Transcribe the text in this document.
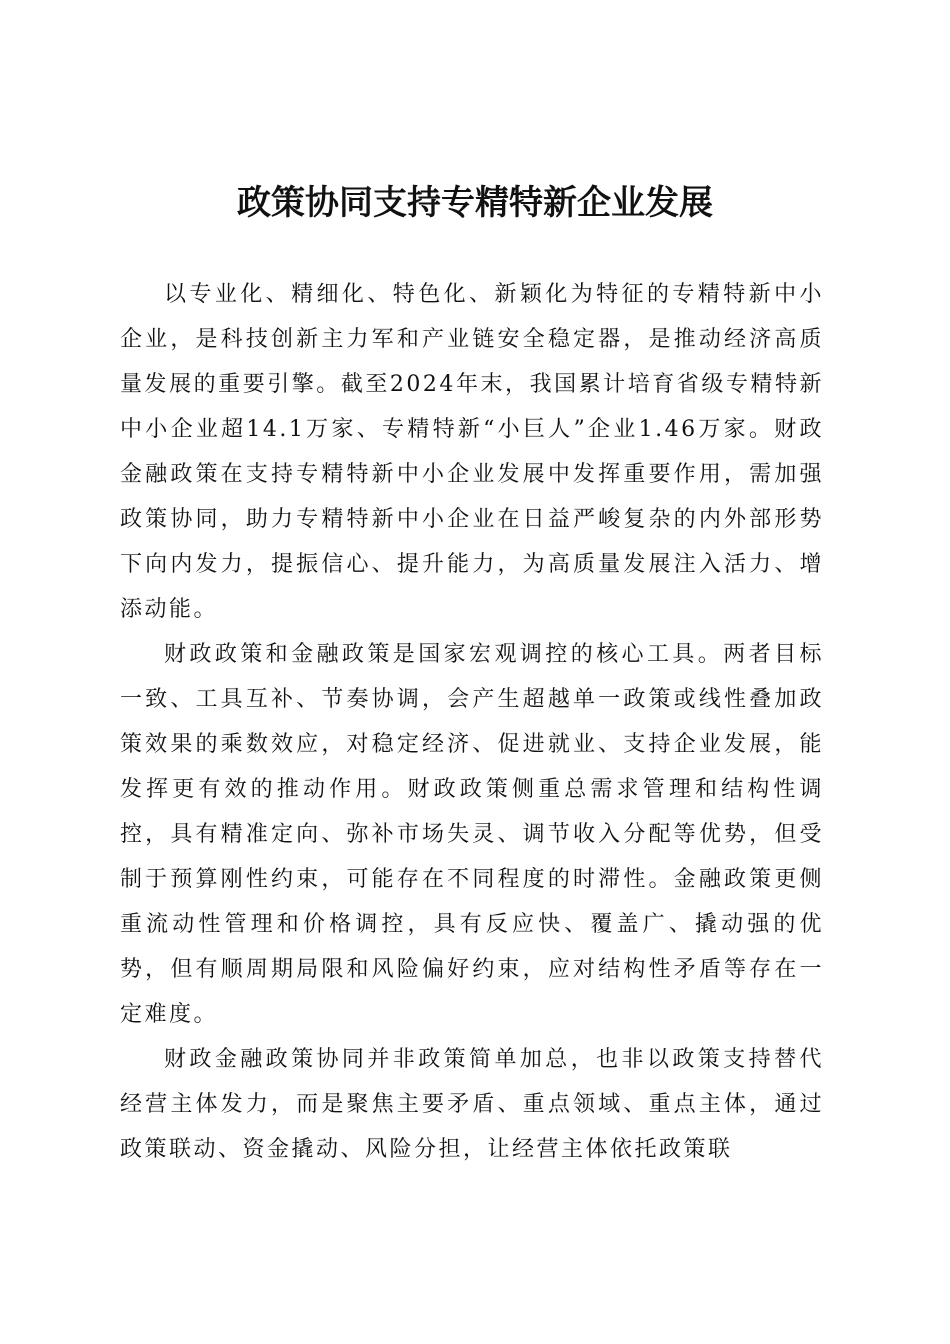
政策协同支持专精特新企业发展

以专业化、精细化、特色化、新颖化为特征的专精特新中小企业，是科技创新主力军和产业链安全稳定器，是推动经济高质量发展的重要引擎。截至2024年末，我国累计培育省级专精特新中小企业超14.1万家、专精特新“小巨人”企业1.46万家。财政金融政策在支持专精特新中小企业发展中发挥重要作用，需加强政策协同，助力专精特新中小企业在日益严峻复杂的内外部形势下向内发力，提振信心、提升能力，为高质量发展注入活力、增添动能。

财政政策和金融政策是国家宏观调控的核心工具。两者目标一致、工具互补、节奏协调，会产生超越单一政策或线性叠加政策效果的乘数效应，对稳定经济、促进就业、支持企业发展，能发挥更有效的推动作用。财政政策侧重总需求管理和结构性调控，具有精准定向、弥补市场失灵、调节收入分配等优势，但受制于预算刚性约束，可能存在不同程度的时滞性。金融政策更侧重流动性管理和价格调控，具有反应快、覆盖广、撬动强的优势，但有顺周期局限和风险偏好约束，应对结构性矛盾等存在一定难度。

财政金融政策协同并非政策简单加总，也非以政策支持替代经营主体发力，而是聚焦主要矛盾、重点领域、重点主体，通过政策联动、资金撬动、风险分担，让经营主体依托政策联
